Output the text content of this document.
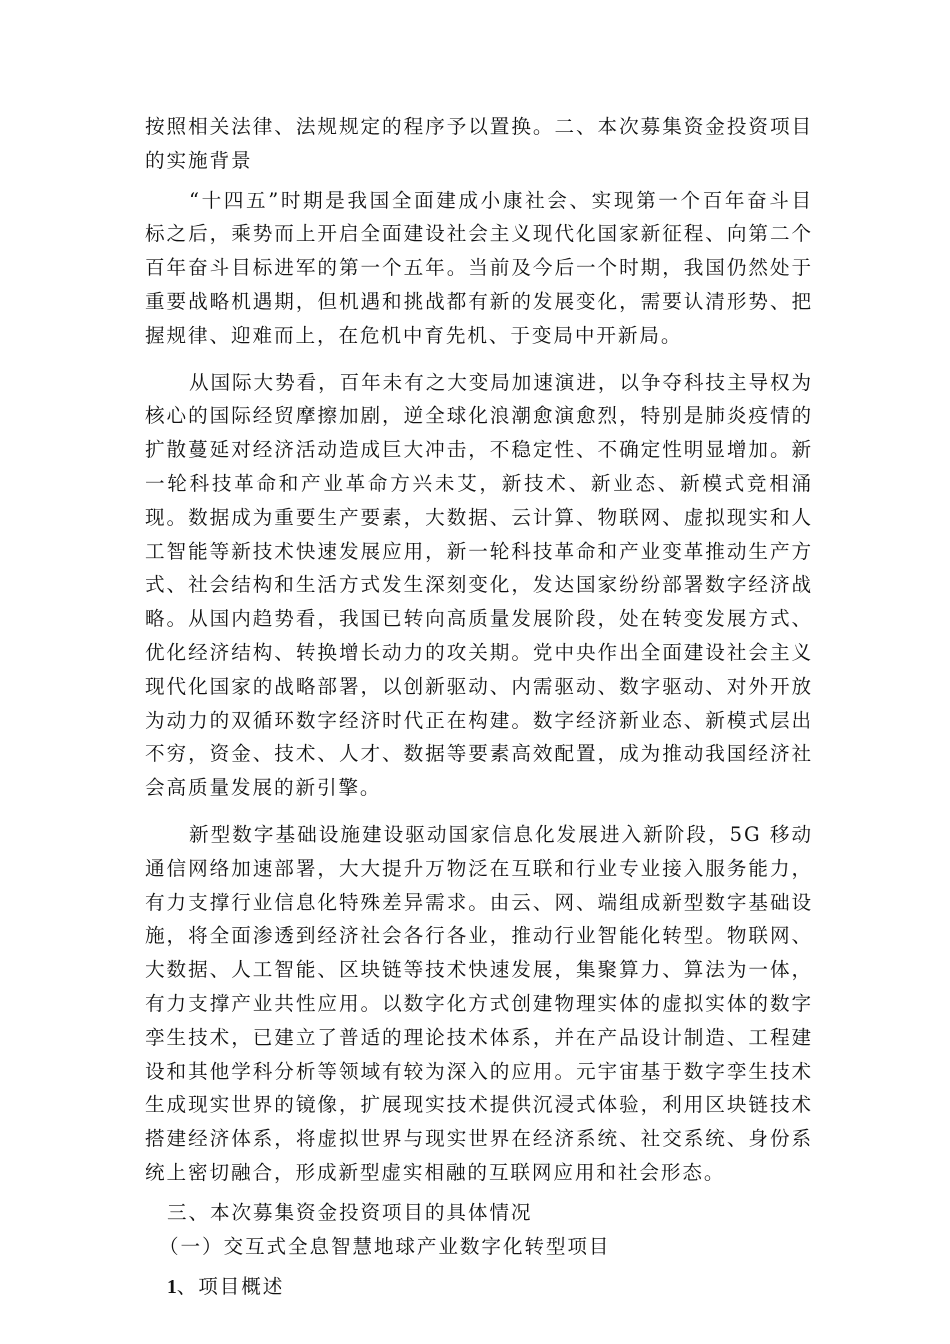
按照相关法律、法规规定的程序予以置换。二、本次募集资金投资项目的实施背景

“十四五”时期是我国全面建成小康社会、实现第一个百年奋斗目标之后，乘势而上开启全面建设社会主义现代化国家新征程、向第二个百年奋斗目标进军的第一个五年。当前及今后一个时期，我国仍然处于重要战略机遇期，但机遇和挑战都有新的发展变化，需要认清形势、把握规律、迎难而上，在危机中育先机、于变局中开新局。

从国际大势看，百年未有之大变局加速演进，以争夺科技主导权为核心的国际经贸摩擦加剧，逆全球化浪潮愈演愈烈，特别是肺炎疫情的扩散蔓延对经济活动造成巨大冲击，不稳定性、不确定性明显增加。新一轮科技革命和产业革命方兴未艾，新技术、新业态、新模式竞相涌现。数据成为重要生产要素，大数据、云计算、物联网、虚拟现实和人工智能等新技术快速发展应用，新一轮科技革命和产业变革推动生产方式、社会结构和生活方式发生深刻变化，发达国家纷纷部署数字经济战略。从国内趋势看，我国已转向高质量发展阶段，处在转变发展方式、优化经济结构、转换增长动力的攻关期。党中央作出全面建设社会主义现代化国家的战略部署，以创新驱动、内需驱动、数字驱动、对外开放为动力的双循环数字经济时代正在构建。数字经济新业态、新模式层出不穷，资金、技术、人才、数据等要素高效配置，成为推动我国经济社会高质量发展的新引擎。

新型数字基础设施建设驱动国家信息化发展进入新阶段，5G 移动通信网络加速部署，大大提升万物泛在互联和行业专业接入服务能力，有力支撑行业信息化特殊差异需求。由云、网、端组成新型数字基础设施，将全面渗透到经济社会各行各业，推动行业智能化转型。物联网、大数据、人工智能、区块链等技术快速发展，集聚算力、算法为一体，有力支撑产业共性应用。以数字化方式创建物理实体的虚拟实体的数字孪生技术，已建立了普适的理论技术体系，并在产品设计制造、工程建设和其他学科分析等领域有较为深入的应用。元宇宙基于数字孪生技术生成现实世界的镜像，扩展现实技术提供沉浸式体验，利用区块链技术搭建经济体系，将虚拟世界与现实世界在经济系统、社交系统、身份系统上密切融合，形成新型虚实相融的互联网应用和社会形态。

三、本次募集资金投资项目的具体情况

（一）交互式全息智慧地球产业数字化转型项目

1、项目概述
